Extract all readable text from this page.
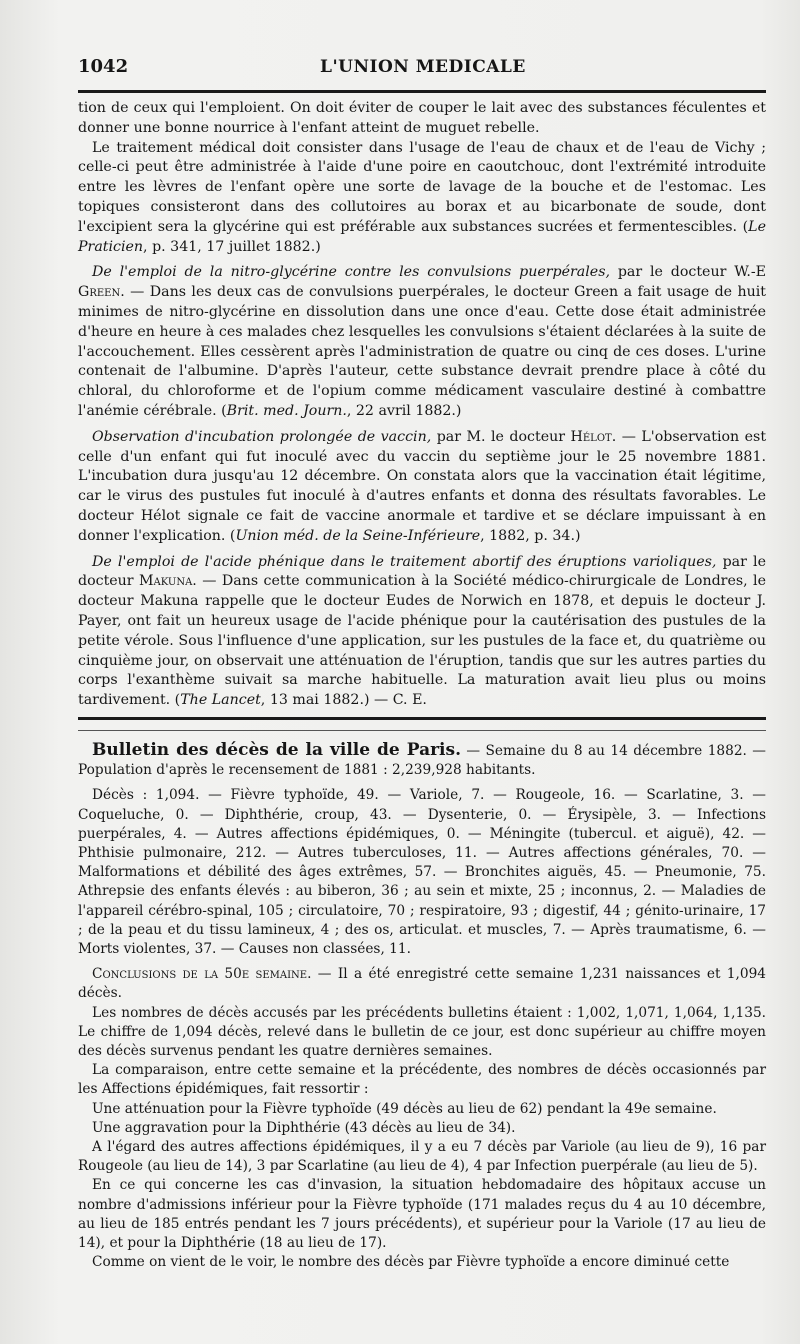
1042	L'UNION MEDICALE

tion de ceux qui l'emploient. On doit éviter de couper le lait avec des substances féculentes et donner une bonne nourrice à l'enfant atteint de muguet rebelle.

Le traitement médical doit consister dans l'usage de l'eau de chaux et de l'eau de Vichy ; celle-ci peut être administrée à l'aide d'une poire en caoutchouc, dont l'extrémité introduite entre les lèvres de l'enfant opère une sorte de lavage de la bouche et de l'estomac. Les topiques consisteront dans des collutoires au borax et au bicarbonate de soude, dont l'excipient sera la glycérine qui est préférable aux substances sucrées et fermentescibles. (Le Praticien, p. 341, 17 juillet 1882.)

De l'emploi de la nitro-glycérine contre les convulsions puerpérales, par le docteur W.-E Green. — Dans les deux cas de convulsions puerpérales, le docteur Green a fait usage de huit minimes de nitro-glycérine en dissolution dans une once d'eau. Cette dose était administrée d'heure en heure à ces malades chez lesquelles les convulsions s'étaient déclarées à la suite de l'accouchement. Elles cessèrent après l'administration de quatre ou cinq de ces doses. L'urine contenait de l'albumine. D'après l'auteur, cette substance devrait prendre place à côté du chloral, du chloroforme et de l'opium comme médicament vasculaire destiné à combattre l'anémie cérébrale. (Brit. med. Journ., 22 avril 1882.)

Observation d'incubation prolongée de vaccin, par M. le docteur Hélot. — L'observation est celle d'un enfant qui fut inoculé avec du vaccin du septième jour le 25 novembre 1881. L'incubation dura jusqu'au 12 décembre. On constata alors que la vaccination était légitime, car le virus des pustules fut inoculé à d'autres enfants et donna des résultats favorables. Le docteur Hélot signale ce fait de vaccine anormale et tardive et se déclare impuissant à en donner l'explication. (Union méd. de la Seine-Inférieure, 1882, p. 34.)

De l'emploi de l'acide phénique dans le traitement abortif des éruptions varioliques, par le docteur Makuna. — Dans cette communication à la Société médico-chirurgicale de Londres, le docteur Makuna rappelle que le docteur Eudes de Norwich en 1878, et depuis le docteur J. Payer, ont fait un heureux usage de l'acide phénique pour la cautérisation des pustules de la petite vérole. Sous l'influence d'une application, sur les pustules de la face et, du quatrième ou cinquième jour, on observait une atténuation de l'éruption, tandis que sur les autres parties du corps l'exanthème suivait sa marche habituelle. La maturation avait lieu plus ou moins tardivement. (The Lancet, 13 mai 1882.) — C. E.

Bulletin des décès de la ville de Paris. — Semaine du 8 au 14 décembre 1882. — Population d'après le recensement de 1881 : 2,239,928 habitants.

Décès : 1,094. — Fièvre typhoïde, 49. — Variole, 7. — Rougeole, 16. — Scarlatine, 3. — Coqueluche, 0. — Diphthérie, croup, 43. — Dysenterie, 0. — Érysipèle, 3. — Infections puerpérales, 4. — Autres affections épidémiques, 0. — Méningite (tubercul. et aiguë), 42. — Phthisie pulmonaire, 212. — Autres tuberculoses, 11. — Autres affections générales, 70. — Malformations et débilité des âges extrêmes, 57. — Bronchites aiguës, 45. — Pneumonie, 75. Athrepsie des enfants élevés : au biberon, 36 ; au sein et mixte, 25 ; inconnus, 2. — Maladies de l'appareil cérébro-spinal, 105 ; circulatoire, 70 ; respiratoire, 93 ; digestif, 44 ; génito-urinaire, 17 ; de la peau et du tissu lamineux, 4 ; des os, articulat. et muscles, 7. — Après traumatisme, 6. — Morts violentes, 37. — Causes non classées, 11.

Conclusions de la 50e semaine. — Il a été enregistré cette semaine 1,231 naissances et 1,094 décès.

Les nombres de décès accusés par les précédents bulletins étaient : 1,002, 1,071, 1,064, 1,135. Le chiffre de 1,094 décès, relevé dans le bulletin de ce jour, est donc supérieur au chiffre moyen des décès survenus pendant les quatre dernières semaines.

La comparaison, entre cette semaine et la précédente, des nombres de décès occasionnés par les Affections épidémiques, fait ressortir :

Une atténuation pour la Fièvre typhoïde (49 décès au lieu de 62) pendant la 49e semaine.

Une aggravation pour la Diphthérie (43 décès au lieu de 34).

A l'égard des autres affections épidémiques, il y a eu 7 décès par Variole (au lieu de 9), 16 par Rougeole (au lieu de 14), 3 par Scarlatine (au lieu de 4), 4 par Infection puerpérale (au lieu de 5).

En ce qui concerne les cas d'invasion, la situation hebdomadaire des hôpitaux accuse un nombre d'admissions inférieur pour la Fièvre typhoïde (171 malades reçus du 4 au 10 décembre, au lieu de 185 entrés pendant les 7 jours précédents), et supérieur pour la Variole (17 au lieu de 14), et pour la Diphthérie (18 au lieu de 17).

Comme on vient de le voir, le nombre des décès par Fièvre typhoïde a encore diminué cette
